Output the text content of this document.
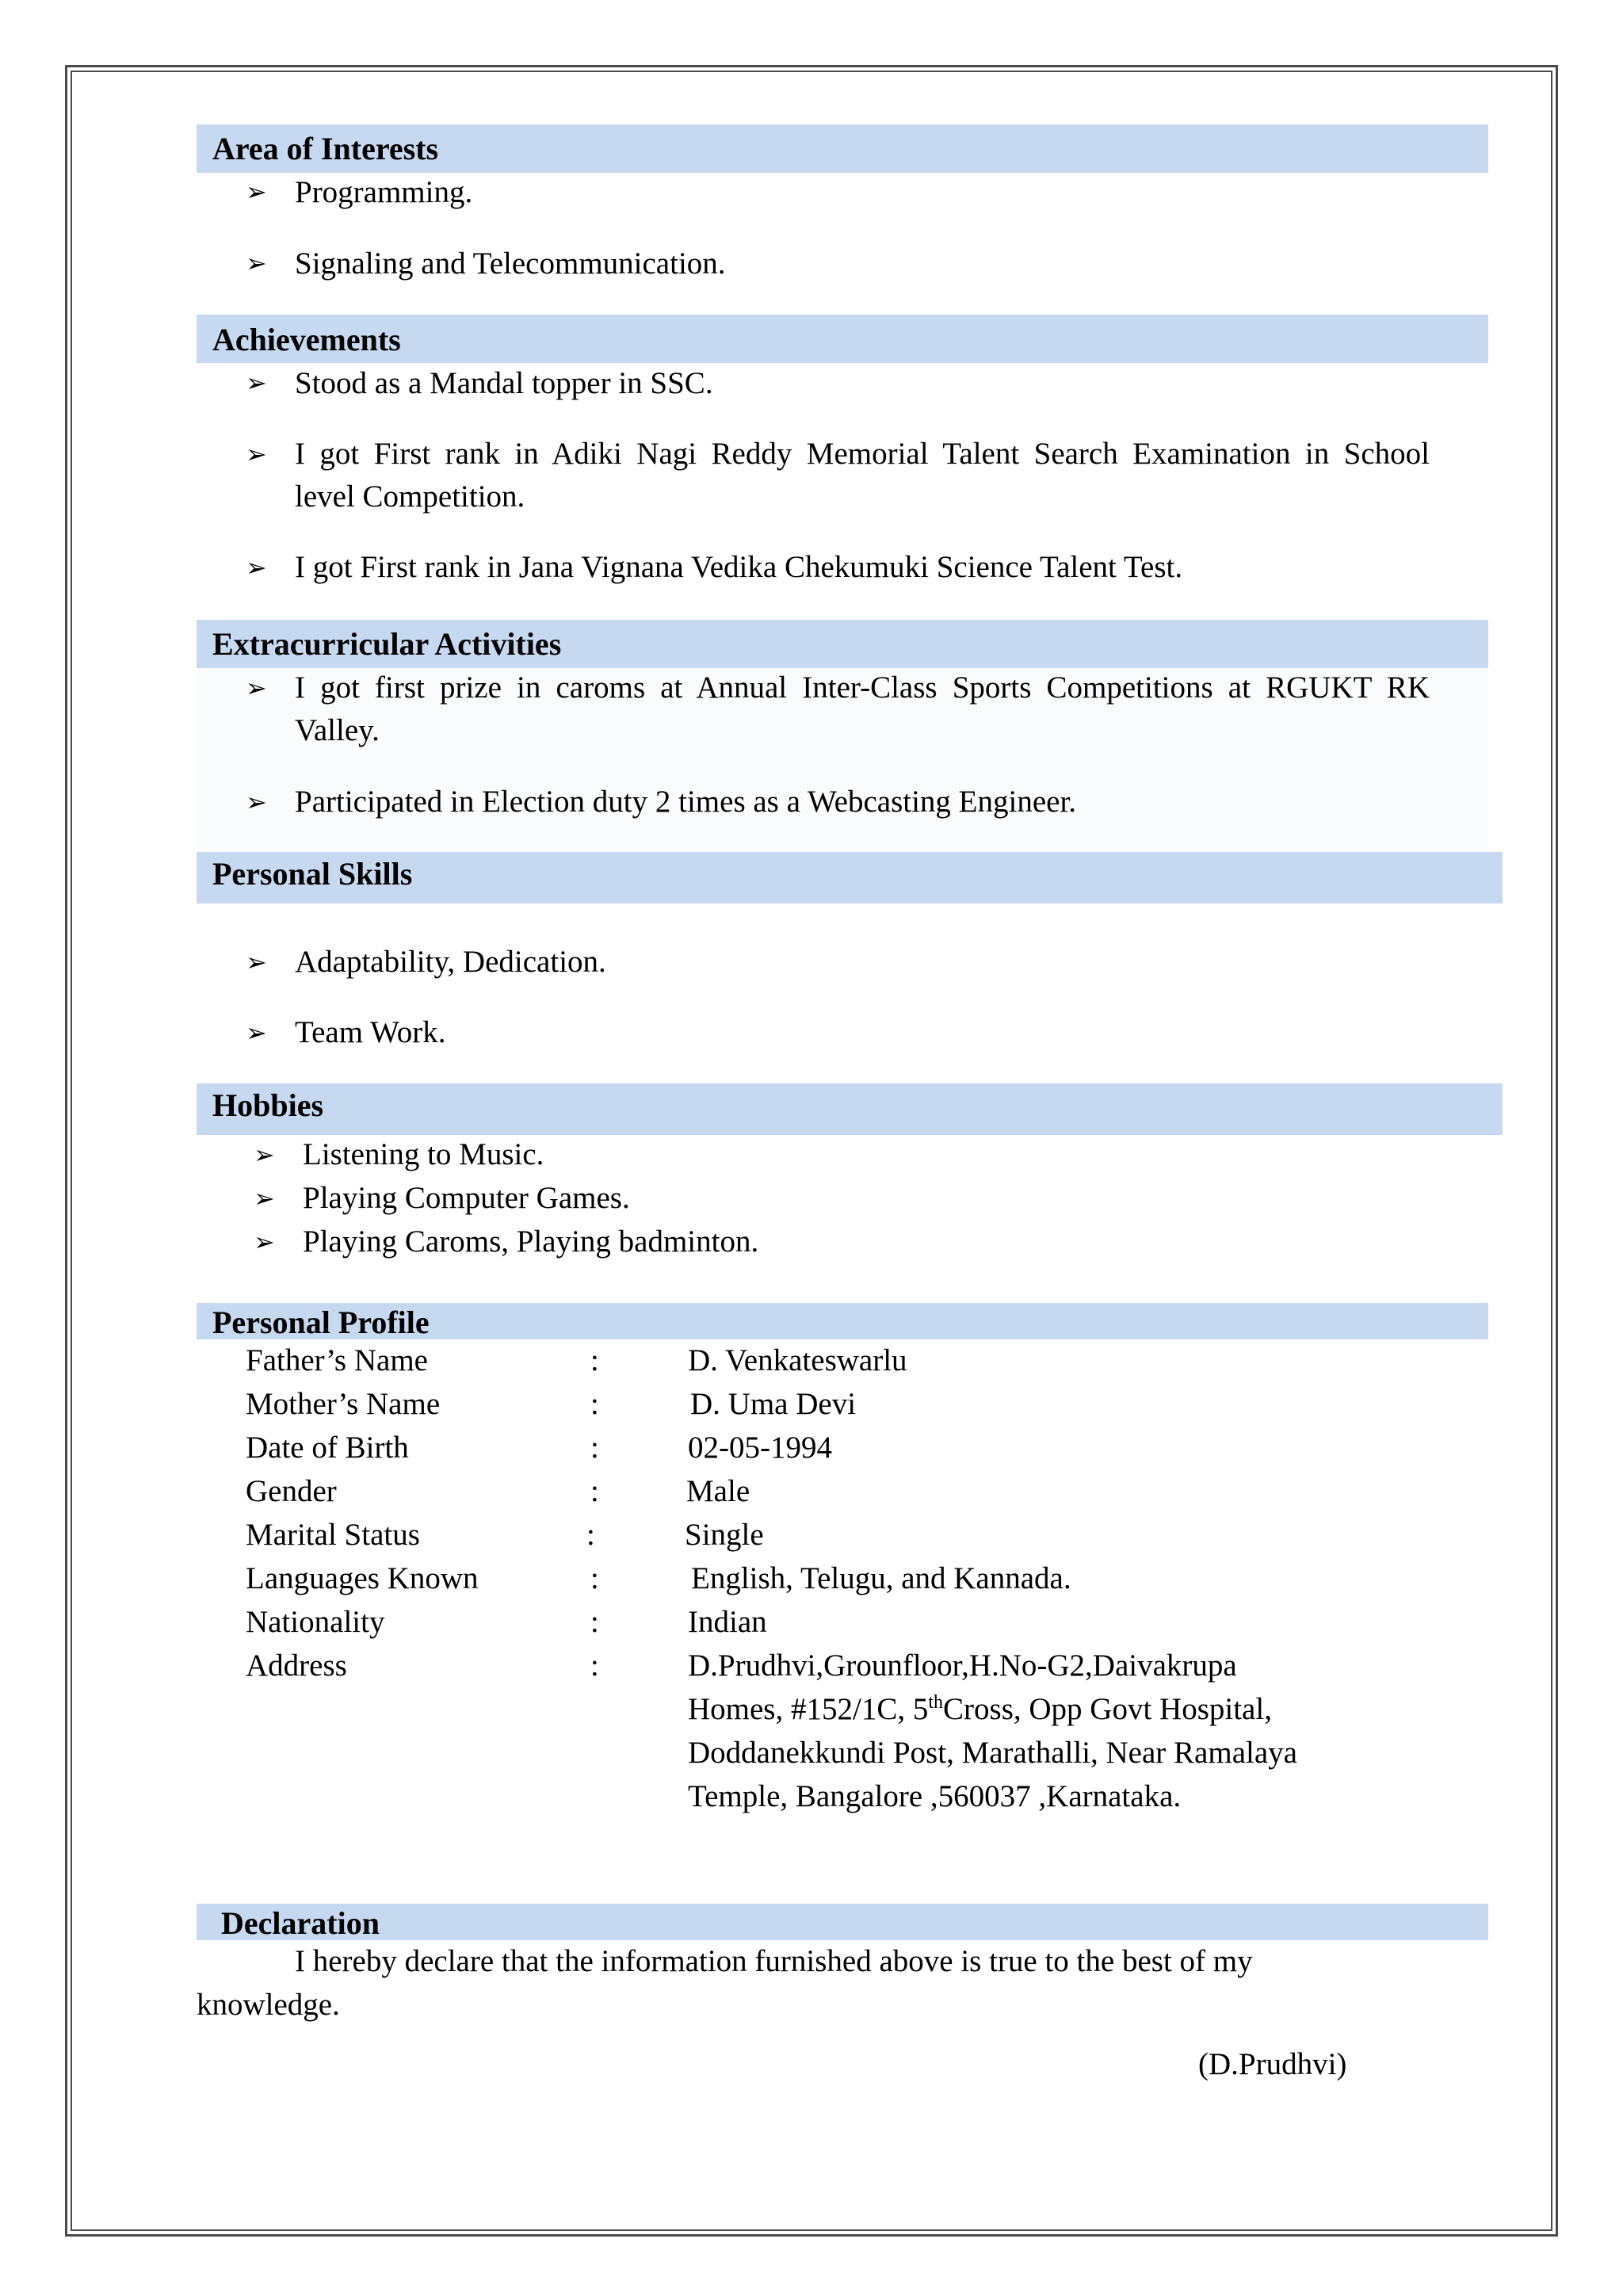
Area of Interests
➢ Programming.
➢ Signaling and Telecommunication.
Achievements
➢ Stood as a Mandal topper in SSC.
➢ I got First rank in Adiki Nagi Reddy Memorial Talent Search Examination in School
level Competition.
➢ I got First rank in Jana Vignana Vedika Chekumuki Science Talent Test.
Extracurricular Activities
➢ I got first prize in caroms at Annual Inter-Class Sports Competitions at RGUKT RK
Valley.
➢ Participated in Election duty 2 times as a Webcasting Engineer.
Personal Skills
➢ Adaptability, Dedication.
➢ Team Work.
Hobbies
➢ Listening to Music.
➢ Playing Computer Games.
➢ Playing Caroms, Playing badminton.
Personal Profile
Father’s Name	:	D. Venkateswarlu
Mother’s Name	:	D. Uma Devi
Date of Birth	:	02-05-1994
Gender	:	Male
Marital Status	:	Single
Languages Known	:	English, Telugu, and Kannada.
Nationality	:	Indian
Address	:	D.Prudhvi,Grounfloor,H.No-G2,Daivakrupa
Homes, #152/1C, 5thCross, Opp Govt Hospital,
Doddanekkundi Post, Marathalli, Near Ramalaya
Temple, Bangalore ,560037 ,Karnataka.
Declaration
I hereby declare that the information furnished above is true to the best of my
knowledge.
(D.Prudhvi)
